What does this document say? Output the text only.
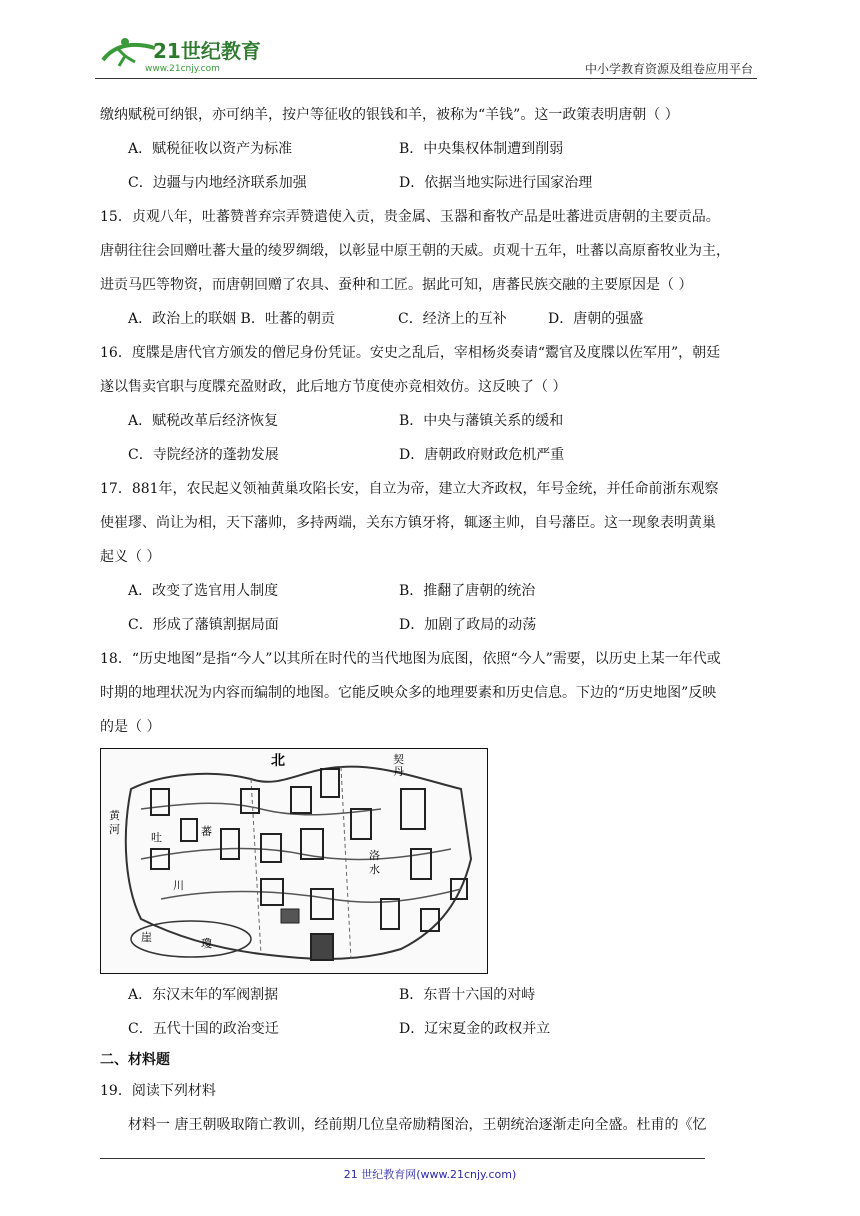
21世纪教育
www.21cnjy.com	中小学教育资源及组卷应用平台
缴纳赋税可纳银，亦可纳羊，按户等征收的银钱和羊，被称为“羊钱”。这一政策表明唐朝（ ）
A．赋税征收以资产为标准	B．中央集权体制遭到削弱
C．边疆与内地经济联系加强	D．依据当地实际进行国家治理
15．贞观八年，吐蕃赞普弃宗弄赞遣使入贡，贵金属、玉器和畜牧产品是吐蕃进贡唐朝的主要贡品。
唐朝往往会回赠吐蕃大量的绫罗绸缎，以彰显中原王朝的天威。贞观十五年，吐蕃以高原畜牧业为主，
进贡马匹等物资，而唐朝回赠了农具、蚕种和工匠。据此可知，唐蕃民族交融的主要原因是（ ）
A．政治上的联姻 B．吐蕃的朝贡	C．经济上的互补	D．唐朝的强盛
16．度牒是唐代官方颁发的僧尼身份凭证。安史之乱后，宰相杨炎奏请“鬻官及度牒以佐军用”，朝廷
遂以售卖官职与度牒充盈财政，此后地方节度使亦竞相效仿。这反映了（ ）
A．赋税改革后经济恢复	B．中央与藩镇关系的缓和
C．寺院经济的蓬勃发展	D．唐朝政府财政危机严重
17．881年，农民起义领袖黄巢攻陷长安，自立为帝，建立大齐政权，年号金统，并任命前浙东观察
使崔璆、尚让为相，天下藩帅，多持两端，关东方镇牙将，辄逐主帅，自号藩臣。这一现象表明黄巢
起义（ ）
A．改变了选官用人制度	B．推翻了唐朝的统治
C．形成了藩镇割据局面	D．加剧了政局的动荡
18．“历史地图”是指“今人”以其所在时代的当代地图为底图，依照“今人”需要，以历史上某一年代或
时期的地理状况为内容而编制的地图。它能反映众多的地理要素和历史信息。下边的“历史地图”反映
的是（ ）
北
黄
河
吐	蕃
契
丹
洛
水
川
崖	瓊
A．东汉末年的军阀割据	B．东晋十六国的对峙
C．五代十国的政治变迁	D．辽宋夏金的政权并立
二、材料题
19．阅读下列材料
材料一 唐王朝吸取隋亡教训，经前期几位皇帝励精图治，王朝统治逐渐走向全盛。杜甫的《忆
21 世纪教育网(www.21cnjy.com)
